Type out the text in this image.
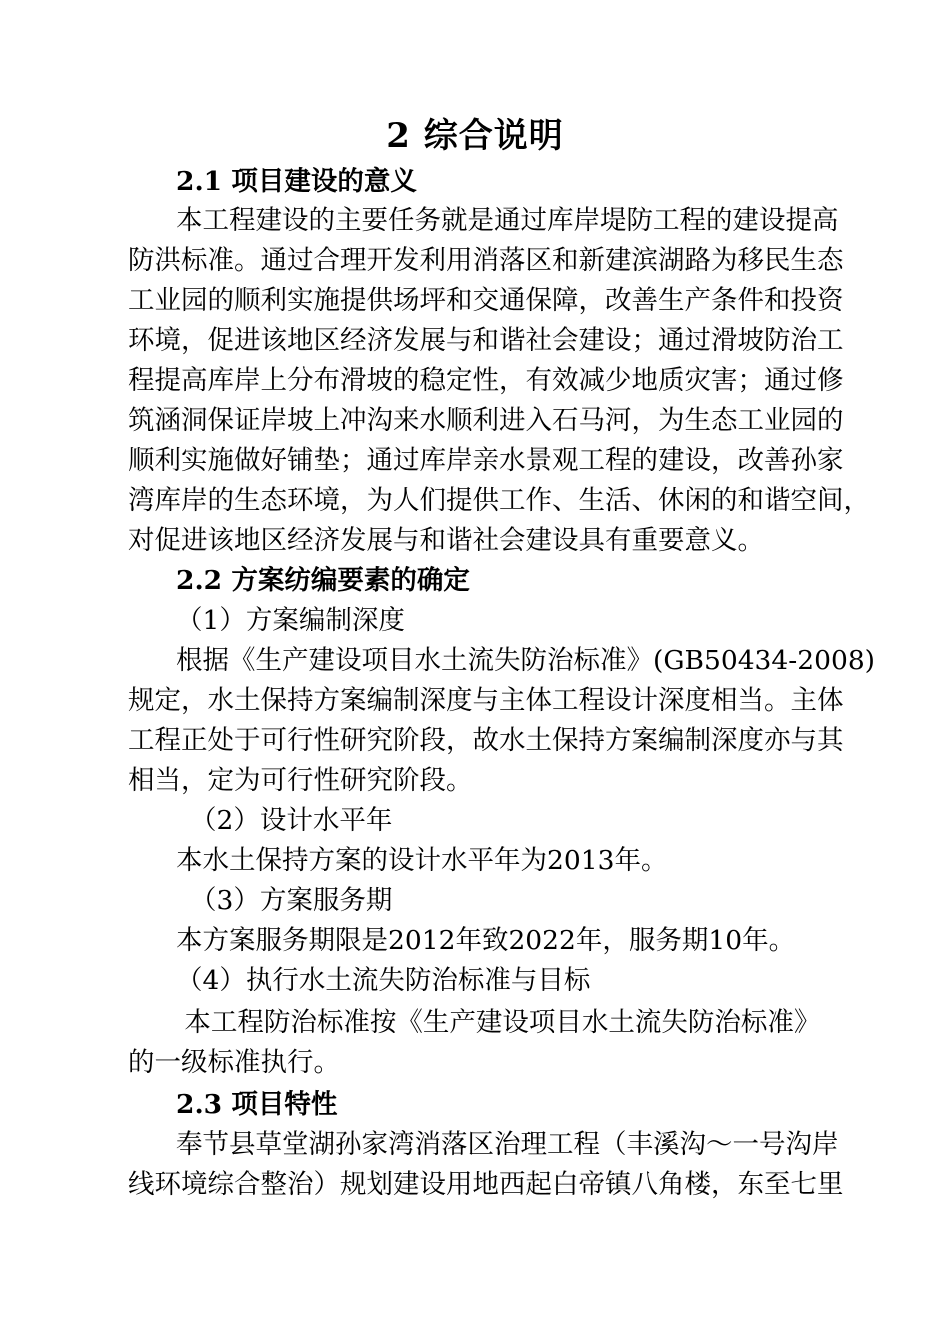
2 综合说明
2.1 项目建设的意义
本工程建设的主要任务就是通过库岸堤防工程的建设提高
防洪标准。通过合理开发利用消落区和新建滨湖路为移民生态
工业园的顺利实施提供场坪和交通保障，改善生产条件和投资
环境，促进该地区经济发展与和谐社会建设；通过滑坡防治工
程提高库岸上分布滑坡的稳定性，有效减少地质灾害；通过修
筑涵洞保证岸坡上冲沟来水顺利进入石马河，为生态工业园的
顺利实施做好铺垫；通过库岸亲水景观工程的建设，改善孙家
湾库岸的生态环境，为人们提供工作、生活、休闲的和谐空间，
对促进该地区经济发展与和谐社会建设具有重要意义。
2.2 方案纺编要素的确定
（1）方案编制深度
根据《生产建设项目水土流失防治标准》(GB50434-2008)
规定，水土保持方案编制深度与主体工程设计深度相当。主体
工程正处于可行性研究阶段，故水土保持方案编制深度亦与其
相当，定为可行性研究阶段。
（2）设计水平年
本水土保持方案的设计水平年为2013年。
（3）方案服务期
本方案服务期限是2012年致2022年，服务期10年。
（4）执行水土流失防治标准与目标
本工程防治标准按《生产建设项目水土流失防治标准》
的一级标准执行。
2.3 项目特性
奉节县草堂湖孙家湾消落区治理工程（丰溪沟～一号沟岸
线环境综合整治）规划建设用地西起白帝镇八角楼，东至七里
